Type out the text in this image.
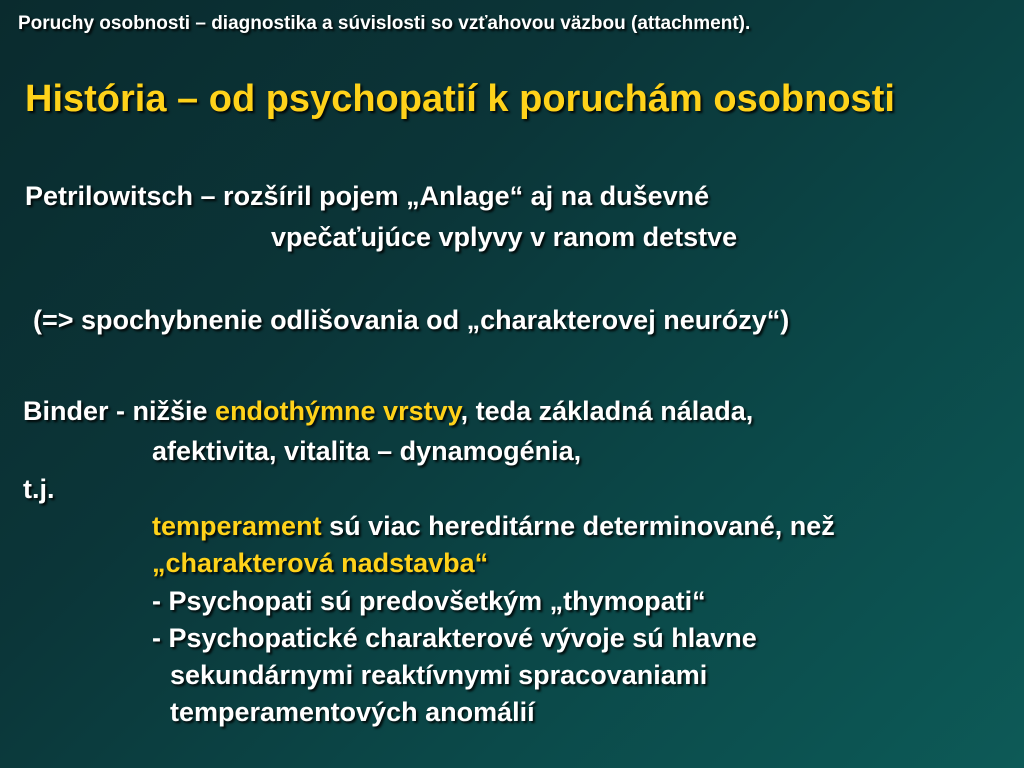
Poruchy osobnosti – diagnostika a súvislosti so vzťahovou väzbou (attachment).
História – od psychopatií k poruchám osobnosti
Petrilowitsch – rozšíril pojem „Anlage“ aj na duševné
vpečaťujúce vplyvy v ranom detstve
(=> spochybnenie odlišovania od „charakterovej neurózy“)
Binder - nižšie endothýmne vrstvy, teda základná nálada,
afektivita, vitalita – dynamogénia,
t.j.
temperament sú viac hereditárne determinované, než
„charakterová nadstavba“
- Psychopati sú predovšetkým „thymopati“
- Psychopatické charakterové vývoje sú hlavne
sekundárnymi reaktívnymi spracovaniami
temperamentových anomálií
